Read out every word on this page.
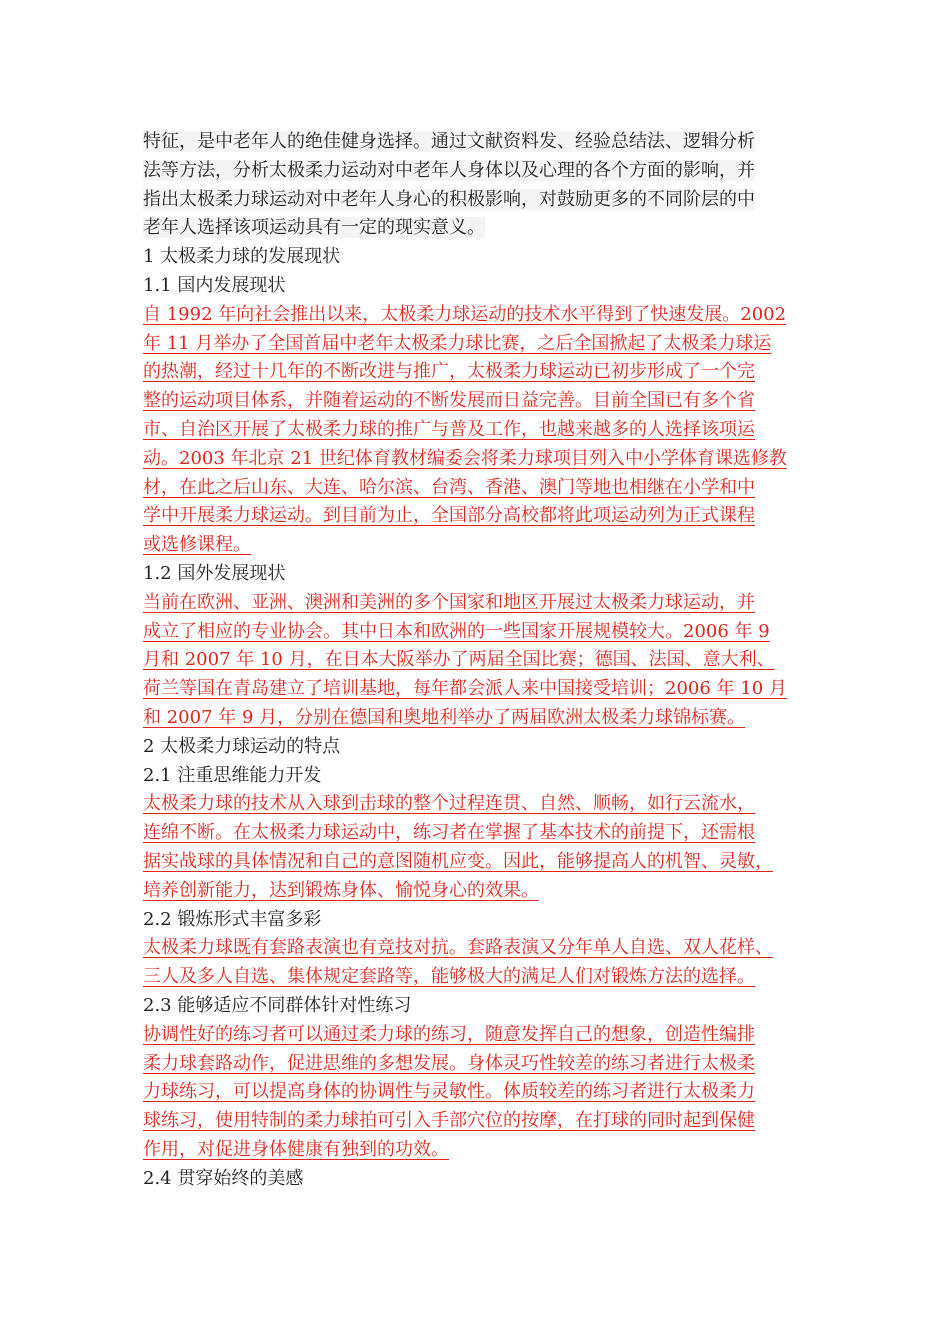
特征，是中老年人的绝佳健身选择。通过文献资料发、经验总结法、逻辑分析
法等方法，分析太极柔力运动对中老年人身体以及心理的各个方面的影响，并
指出太极柔力球运动对中老年人身心的积极影响，对鼓励更多的不同阶层的中
老年人选择该项运动具有一定的现实意义。
1 太极柔力球的发展现状
1.1 国内发展现状
自 1992 年向社会推出以来，太极柔力球运动的技术水平得到了快速发展。2002
年 11 月举办了全国首届中老年太极柔力球比赛，之后全国掀起了太极柔力球运
的热潮，经过十几年的不断改进与推广，太极柔力球运动已初步形成了一个完
整的运动项目体系，并随着运动的不断发展而日益完善。目前全国已有多个省
市、自治区开展了太极柔力球的推广与普及工作，也越来越多的人选择该项运
动。2003 年北京 21 世纪体育教材编委会将柔力球项目列入中小学体育课选修教
材，在此之后山东、大连、哈尔滨、台湾、香港、澳门等地也相继在小学和中
学中开展柔力球运动。到目前为止，全国部分高校都将此项运动列为正式课程
或选修课程。
1.2 国外发展现状
当前在欧洲、亚洲、澳洲和美洲的多个国家和地区开展过太极柔力球运动，并
成立了相应的专业协会。其中日本和欧洲的一些国家开展规模较大。2006 年 9
月和 2007 年 10 月，在日本大阪举办了两届全国比赛；德国、法国、意大利、
荷兰等国在青岛建立了培训基地，每年都会派人来中国接受培训；2006 年 10 月
和 2007 年 9 月，分别在德国和奥地利举办了两届欧洲太极柔力球锦标赛。
2 太极柔力球运动的特点
2.1 注重思维能力开发
太极柔力球的技术从入球到击球的整个过程连贯、自然、顺畅，如行云流水，
连绵不断。在太极柔力球运动中，练习者在掌握了基本技术的前提下，还需根
据实战球的具体情况和自己的意图随机应变。因此，能够提高人的机智、灵敏，
培养创新能力，达到锻炼身体、愉悦身心的效果。
2.2 锻炼形式丰富多彩
太极柔力球既有套路表演也有竞技对抗。套路表演又分年单人自选、双人花样、
三人及多人自选、集体规定套路等，能够极大的满足人们对锻炼方法的选择。
2.3 能够适应不同群体针对性练习
协调性好的练习者可以通过柔力球的练习，随意发挥自己的想象，创造性编排
柔力球套路动作，促进思维的多想发展。身体灵巧性较差的练习者进行太极柔
力球练习，可以提高身体的协调性与灵敏性。体质较差的练习者进行太极柔力
球练习，使用特制的柔力球拍可引入手部穴位的按摩，在打球的同时起到保健
作用，对促进身体健康有独到的功效。
2.4 贯穿始终的美感
